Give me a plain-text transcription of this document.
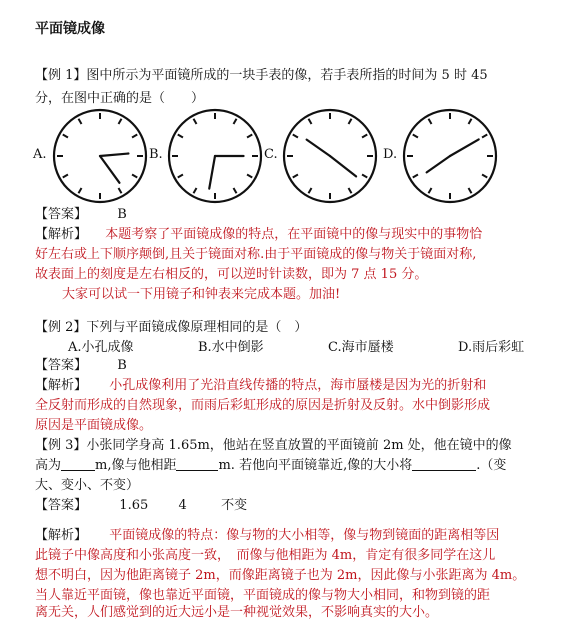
平面镜成像
【例 1】图中所示为平面镜所成的一块手表的像，若手表所指的时间为 5 时 45
分，在图中正确的是（　　）
A.	B.	C.	D.
【答案】 B
【解析】 本题考察了平面镜成像的特点，在平面镜中的像与现实中的事物恰
好左右或上下顺序颠倒,且关于镜面对称.由于平面镜成的像与物关于镜面对称,
故表面上的刻度是左右相反的，可以逆时针读数，即为 7 点 15 分。
大家可以试一下用镜子和钟表来完成本题。加油!
【例 2】下列与平面镜成像原理相同的是（　）
A.小孔成像	B.水中倒影	C.海市蜃楼	D.雨后彩虹
【答案】 B
【解析】 小孔成像利用了光沿直线传播的特点，海市蜃楼是因为光的折射和
全反射而形成的自然现象，而雨后彩虹形成的原因是折射及反射。水中倒影形成
原因是平面镜成像。
【例 3】小张同学身高 1.65m，他站在竖直放置的平面镜前 2m 处，他在镜中的像
高为	m,像与他相距	m. 若他向平面镜靠近,像的大小将	.（变
大、变小、不变）
【答案】 1.65 4	不变
【解析】 平面镜成像的特点：像与物的大小相等，像与物到镜面的距离相等因
此镜子中像高度和小张高度一致，　而像与他相距为 4m，肯定有很多同学在这儿
想不明白，因为他距离镜子 2m，而像距离镜子也为 2m，因此像与小张距离为 4m。
当人靠近平面镜，像也靠近平面镜，平面镜成的像与物大小相同，和物到镜的距
离无关，人们感觉到的近大远小是一种视觉效果，不影响真实的大小。
